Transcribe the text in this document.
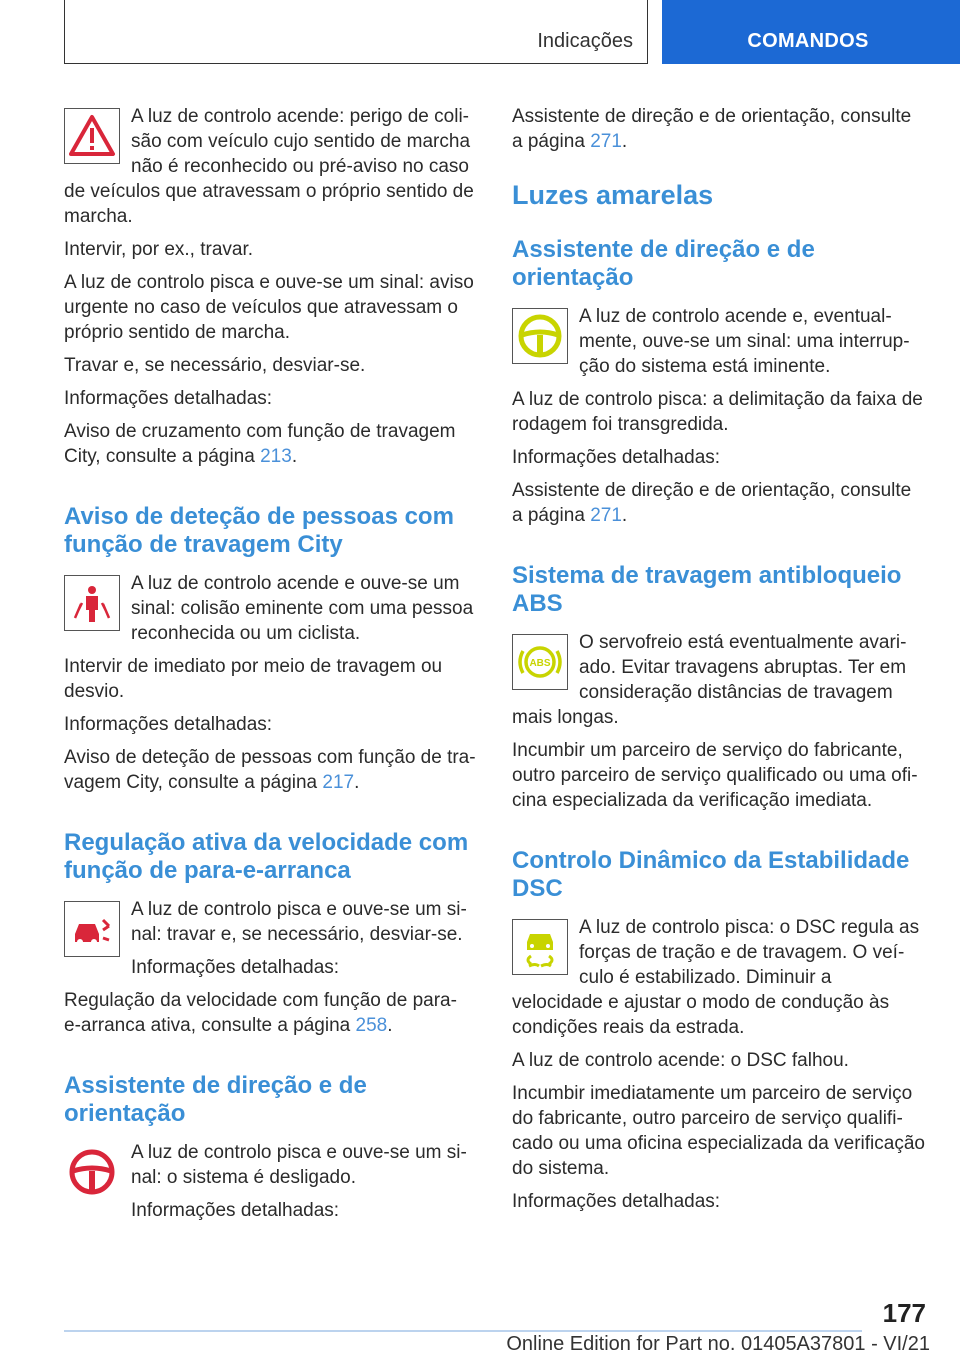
Indicações	COMANDOS

A luz de controlo acende: perigo de colisão com veículo cujo sentido de marcha não é reconhecido ou pré-aviso no caso de veículos que atravessam o próprio sentido de marcha.

Intervir, por ex., travar.

A luz de controlo pisca e ouve-se um sinal: aviso urgente no caso de veículos que atravessam o próprio sentido de marcha.

Travar e, se necessário, desviar-se.

Informações detalhadas:

Aviso de cruzamento com função de travagem City, consulte a página 213.

Aviso de deteção de pessoas com função de travagem City

A luz de controlo acende e ouve-se um sinal: colisão eminente com uma pessoa reconhecida ou um ciclista.

Intervir de imediato por meio de travagem ou desvio.

Informações detalhadas:

Aviso de deteção de pessoas com função de travagem City, consulte a página 217.

Regulação ativa da velocidade com função de para-e-arranca

A luz de controlo pisca e ouve-se um sinal: travar e, se necessário, desviar-se.

Informações detalhadas:

Regulação da velocidade com função de para-e-arranca ativa, consulte a página 258.

Assistente de direção e de orientação

A luz de controlo pisca e ouve-se um sinal: o sistema é desligado.

Informações detalhadas:

Assistente de direção e de orientação, consulte a página 271.

Luzes amarelas
Assistente de direção e de orientação

A luz de controlo acende e, eventualmente, ouve-se um sinal: uma interrupção do sistema está iminente.

A luz de controlo pisca: a delimitação da faixa de rodagem foi transgredida.

Informações detalhadas:

Assistente de direção e de orientação, consulte a página 271.

Sistema de travagem antibloqueio ABS
ABS

O servofreio está eventualmente avariado. Evitar travagens abruptas. Ter em consideração distâncias de travagem mais longas.

Incumbir um parceiro de serviço do fabricante, outro parceiro de serviço qualificado ou uma oficina especializada da verificação imediata.

Controlo Dinâmico da Estabilidade DSC

A luz de controlo pisca: o DSC regula as forças de tração e de travagem. O veículo é estabilizado. Diminuir a velocidade e ajustar o modo de condução às condições reais da estrada.

A luz de controlo acende: o DSC falhou.

Incumbir imediatamente um parceiro de serviço do fabricante, outro parceiro de serviço qualificado ou uma oficina especializada da verificação do sistema.

Informações detalhadas:

177
Online Edition for Part no. 01405A37801 - VI/21
